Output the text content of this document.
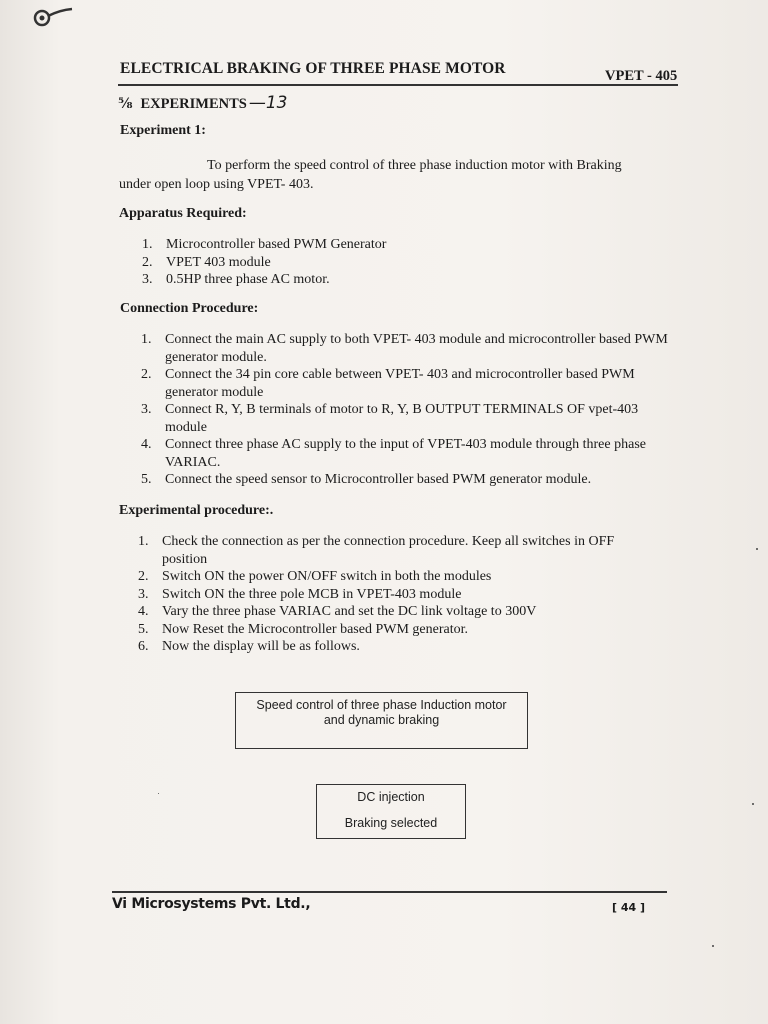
ELECTRICAL BRAKING OF THREE PHASE MOTOR	VPET - 405
⅝ EXPERIMENTS —13
Experiment 1:
To perform the speed control of three phase induction motor with Braking
under open loop using VPET- 403.
Apparatus Required:
1. Microcontroller based PWM Generator
2. VPET 403 module
3. 0.5HP three phase AC motor.
Connection Procedure:
1. Connect the main AC supply to both VPET- 403 module and microcontroller based PWM generator module.
2. Connect the 34 pin core cable between VPET- 403 and microcontroller based PWM generator module
3. Connect R, Y, B terminals of motor to R, Y, B OUTPUT TERMINALS OF vpet-403 module
4. Connect three phase AC supply to the input of VPET-403 module through three phase VARIAC.
5. Connect the speed sensor to Microcontroller based PWM generator module.
Experimental procedure:.
1. Check the connection as per the connection procedure. Keep all switches in OFF position
2. Switch ON the power ON/OFF switch in both the modules
3. Switch ON the three pole MCB in VPET-403 module
4. Vary the three phase VARIAC and set the DC link voltage to 300V
5. Now Reset the Microcontroller based PWM generator.
6. Now the display will be as follows.
Speed control of three phase Induction motor
and dynamic braking
DC injection
Braking selected
Vi Microsystems Pvt. Ltd.,	[ 44 ]
